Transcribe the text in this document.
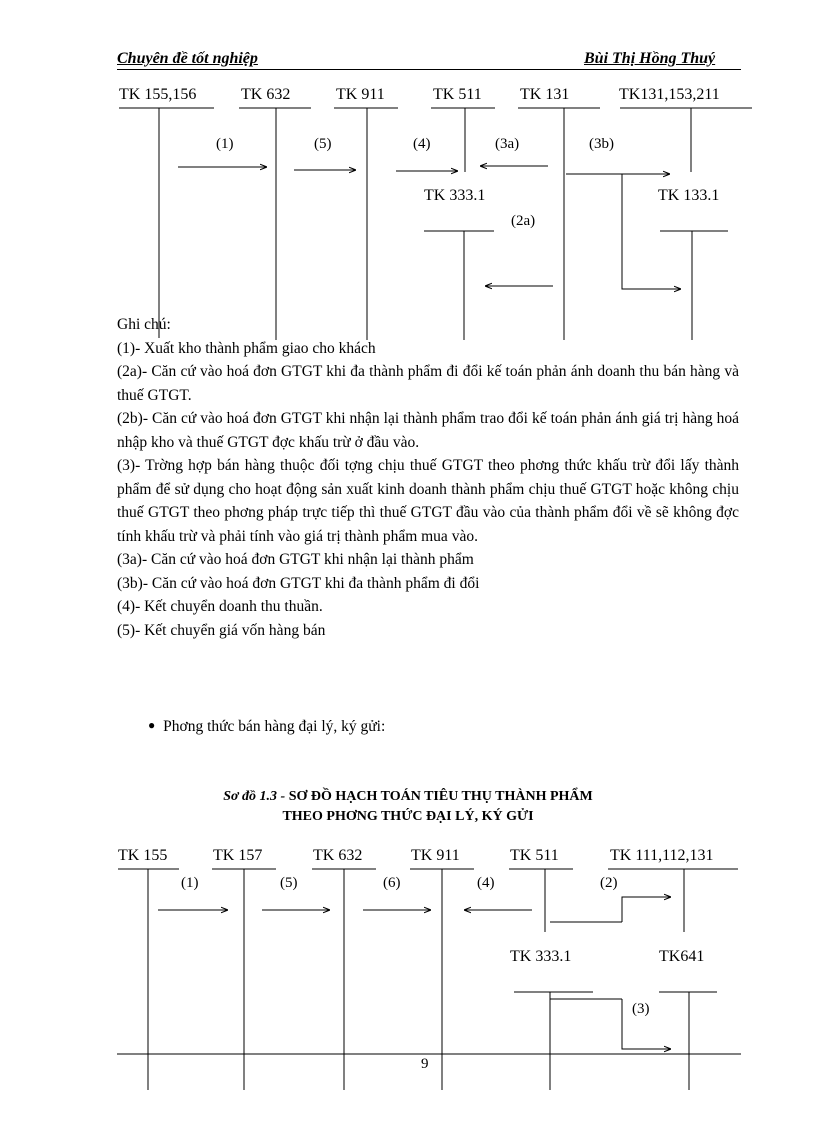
Chuyên đề tốt nghiệp	Bùi Thị Hồng Thuý
TK 155,156	TK 632	TK 911	TK 511 TK 131	TK131,153,211
TK 333.1	TK 133.1
(1)	(5)	(4)	(3a)	(3b)
(2a)

Ghi chú:

(1)- Xuất kho thành phẩm giao cho khách

(2a)- Căn cứ vào hoá đơn GTGT khi đa thành phẩm đi đổi kế toán phản ánh doanh thu bán hàng và thuế GTGT.

(2b)- Căn cứ vào hoá đơn GTGT khi nhận lại thành phẩm trao đổi kế toán phản ánh giá trị hàng hoá nhập kho và thuế GTGT đợc khấu trừ ở đầu vào.

(3)- Trờng hợp bán hàng thuộc đối tợng chịu thuế GTGT theo phơng thức khấu trừ đổi lấy thành phẩm để sử dụng cho hoạt động sản xuất kinh doanh thành phẩm chịu thuế GTGT hoặc không chịu thuế GTGT theo phơng pháp trực tiếp thì thuế GTGT đầu vào của thành phẩm đổi về sẽ không đợc tính khấu trừ và phải tính vào giá trị thành phẩm mua vào.

(3a)- Căn cứ vào hoá đơn GTGT khi nhận lại thành phẩm

(3b)- Căn cứ vào hoá đơn GTGT khi đa thành phẩm đi đổi

(4)- Kết chuyển doanh thu thuần.

(5)- Kết chuyển giá vốn hàng bán

● Phơng thức bán hàng đại lý, ký gửi:
Sơ đồ 1.3 - SƠ ĐỒ HẠCH TOÁN TIÊU THỤ THÀNH PHẨM
THEO PHƠNG THỨC ĐẠI LÝ, KÝ GỬI
TK 155	TK 157	TK 632	TK 911	TK 511	TK 111,112,131
TK 333.1	TK641
(1)	(5)	(6)	(4)	(2)
(3)
9
